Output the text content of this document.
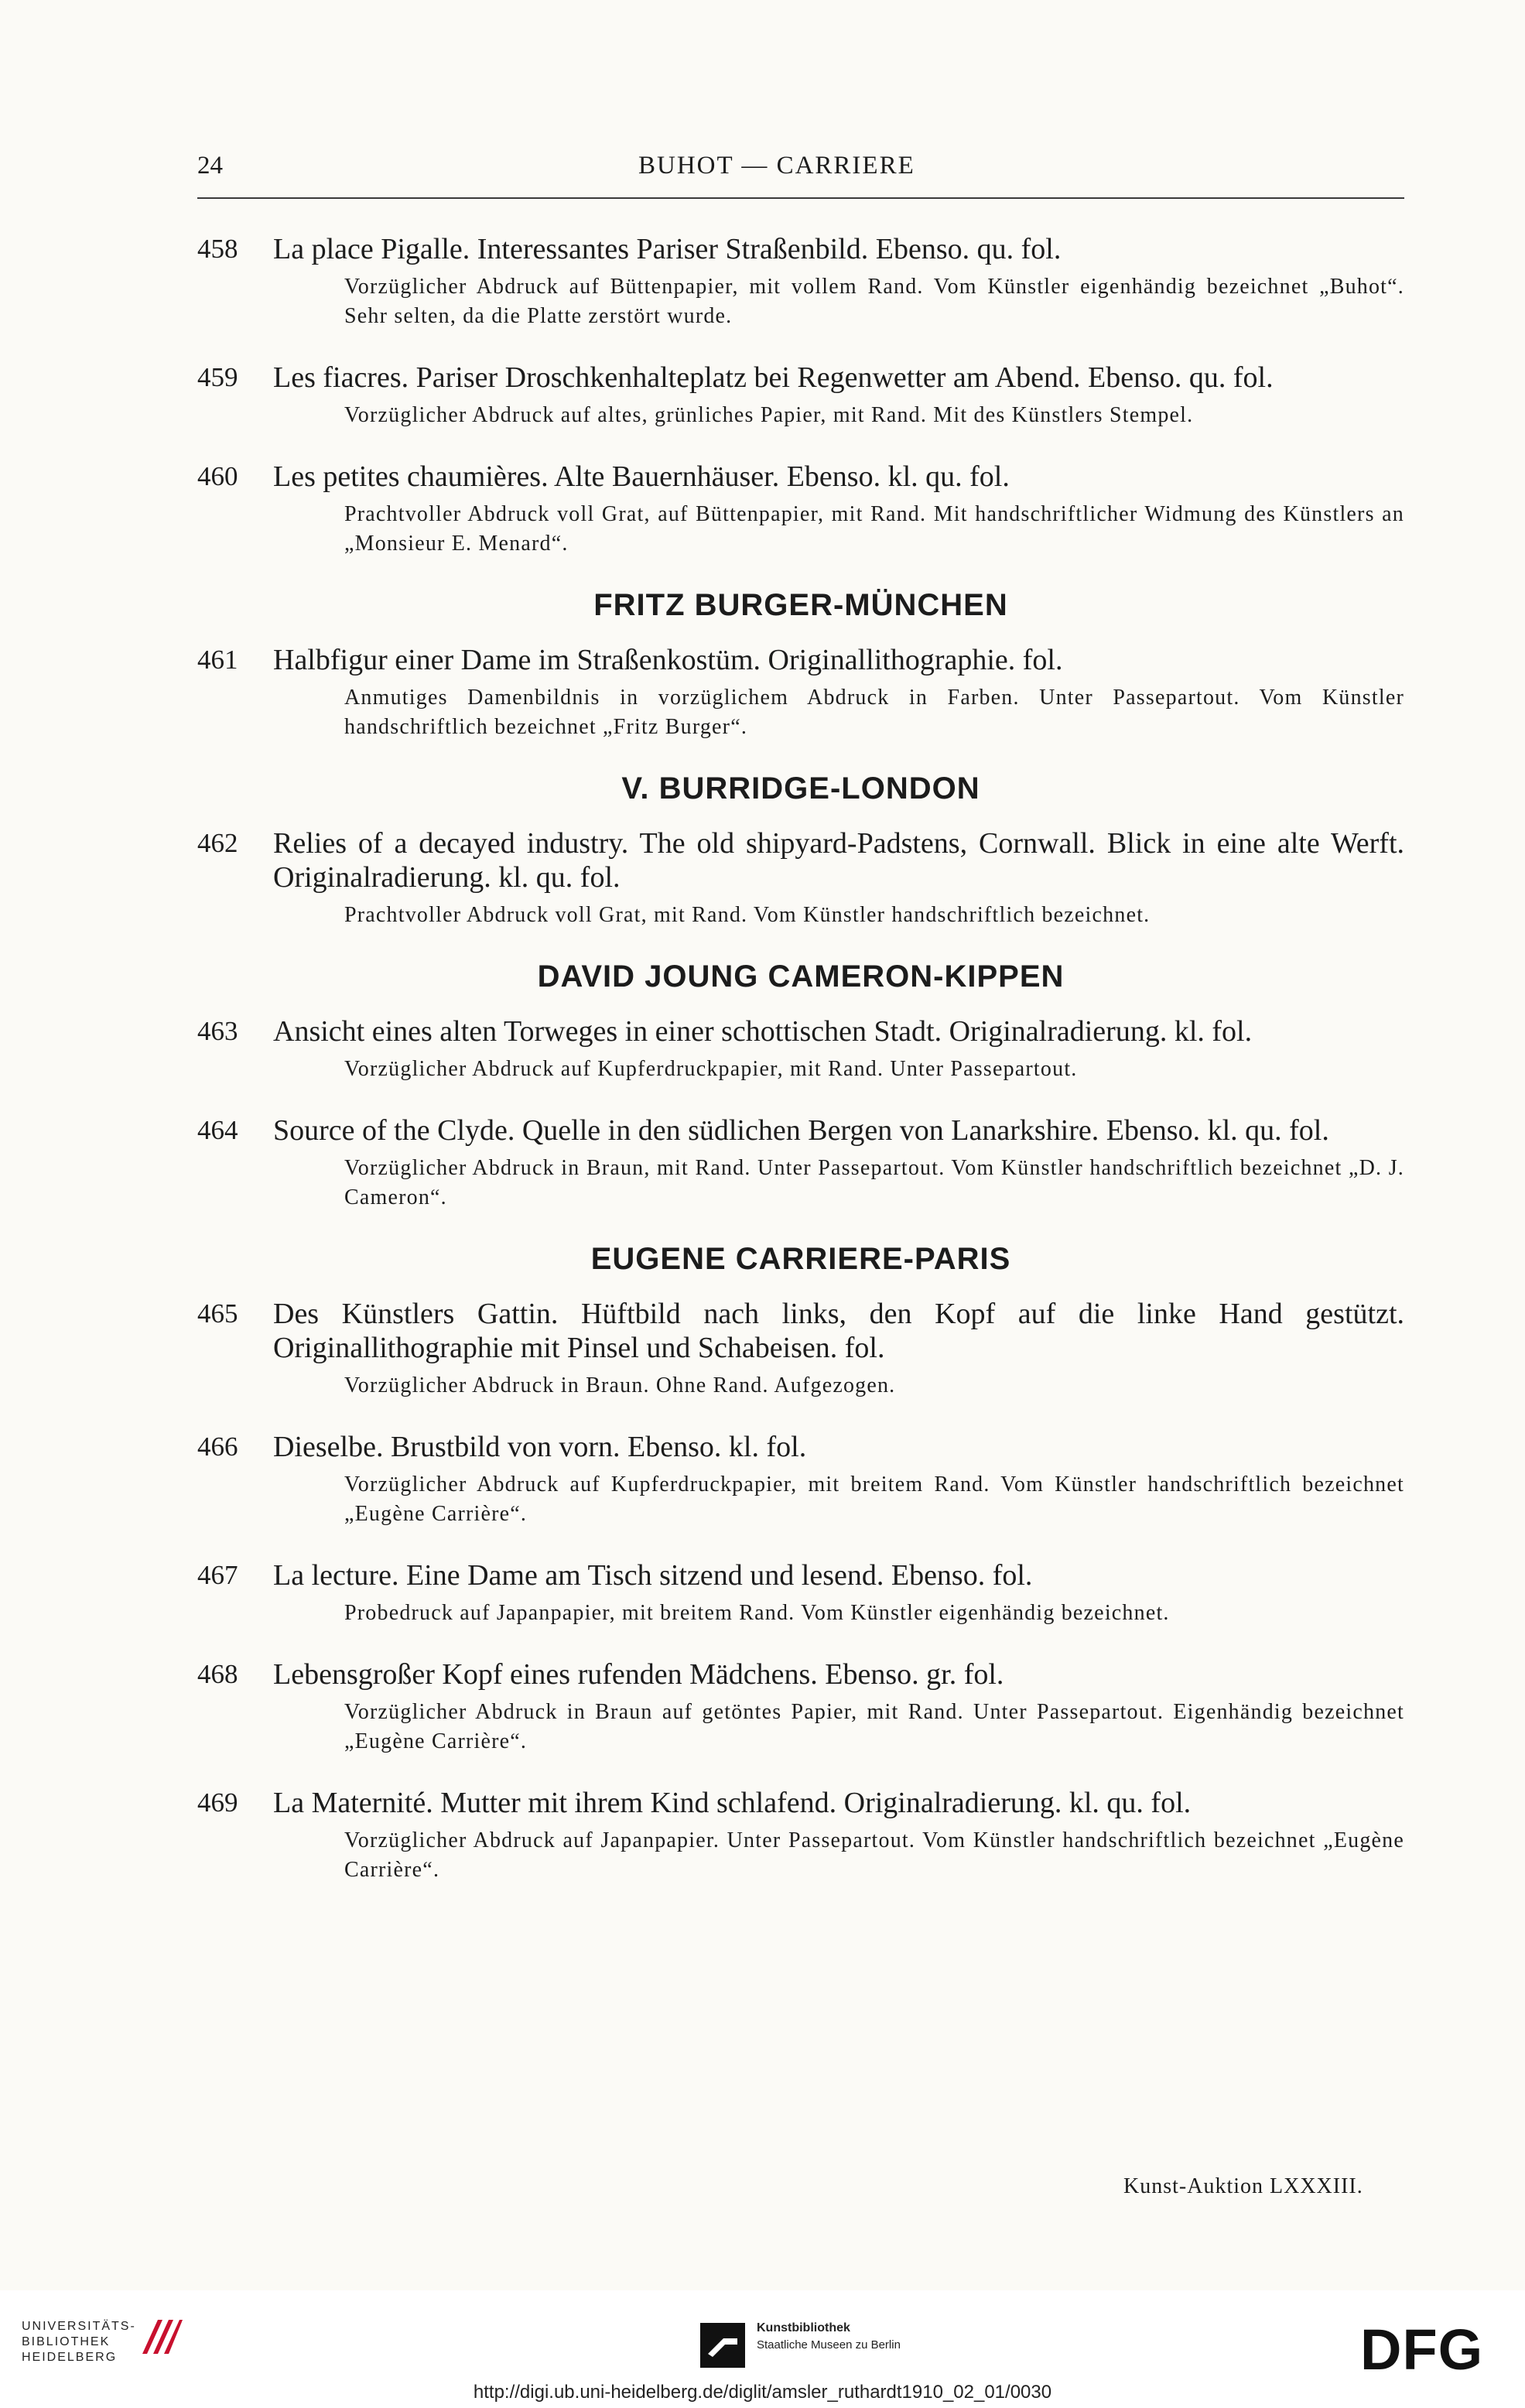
24	BUHOT — CARRIERE
458	La place Pigalle. Interessantes Pariser Straßenbild. Ebenso. qu. fol.
Vorzüglicher Abdruck auf Büttenpapier, mit vollem Rand. Vom Künstler eigenhändig bezeichnet „Buhot“. Sehr selten, da die Platte zerstört wurde.
459	Les fiacres. Pariser Droschkenhalteplatz bei Regenwetter am Abend. Ebenso. qu. fol.
Vorzüglicher Abdruck auf altes, grünliches Papier, mit Rand. Mit des Künstlers Stempel.
460	Les petites chaumières. Alte Bauernhäuser. Ebenso. kl. qu. fol.
Prachtvoller Abdruck voll Grat, auf Büttenpapier, mit Rand. Mit handschriftlicher Widmung des Künstlers an „Monsieur E. Menard“.
FRITZ BURGER-MÜNCHEN
461	Halbfigur einer Dame im Straßenkostüm. Originallithographie. fol.
Anmutiges Damenbildnis in vorzüglichem Abdruck in Farben. Unter Passepartout. Vom Künstler handschriftlich bezeichnet „Fritz Burger“.
V. BURRIDGE-LONDON
462	Relies of a decayed industry. The old shipyard-Padstens, Cornwall. Blick in eine alte Werft. Originalradierung. kl. qu. fol.
Prachtvoller Abdruck voll Grat, mit Rand. Vom Künstler handschriftlich bezeichnet.
DAVID JOUNG CAMERON-KIPPEN
463	Ansicht eines alten Torweges in einer schottischen Stadt. Originalradierung. kl. fol.
Vorzüglicher Abdruck auf Kupferdruckpapier, mit Rand. Unter Passepartout.
464	Source of the Clyde. Quelle in den südlichen Bergen von Lanarkshire. Ebenso. kl. qu. fol.
Vorzüglicher Abdruck in Braun, mit Rand. Unter Passepartout. Vom Künstler handschriftlich bezeichnet „D. J. Cameron“.
EUGENE CARRIERE-PARIS
465	Des Künstlers Gattin. Hüftbild nach links, den Kopf auf die linke Hand gestützt. Originallithographie mit Pinsel und Schabeisen. fol.
Vorzüglicher Abdruck in Braun. Ohne Rand. Aufgezogen.
466	Dieselbe. Brustbild von vorn. Ebenso. kl. fol.
Vorzüglicher Abdruck auf Kupferdruckpapier, mit breitem Rand. Vom Künstler handschriftlich bezeichnet „Eugène Carrière“.
467	La lecture. Eine Dame am Tisch sitzend und lesend. Ebenso. fol.
Probedruck auf Japanpapier, mit breitem Rand. Vom Künstler eigenhändig bezeichnet.
468	Lebensgroßer Kopf eines rufenden Mädchens. Ebenso. gr. fol.
Vorzüglicher Abdruck in Braun auf getöntes Papier, mit Rand. Unter Passepartout. Eigenhändig bezeichnet „Eugène Carrière“.
469	La Maternité. Mutter mit ihrem Kind schlafend. Originalradierung. kl. qu. fol.
Vorzüglicher Abdruck auf Japanpapier. Unter Passepartout. Vom Künstler handschriftlich bezeichnet „Eugène Carrière“.
Kunst-Auktion LXXXIII.
UNIVERSITÄTS-
BIBLIOTHEK
HEIDELBERG
Kunstbibliothek
Staatliche Museen zu Berlin	DFG
http://digi.ub.uni-heidelberg.de/diglit/amsler_ruthardt1910_02_01/0030
